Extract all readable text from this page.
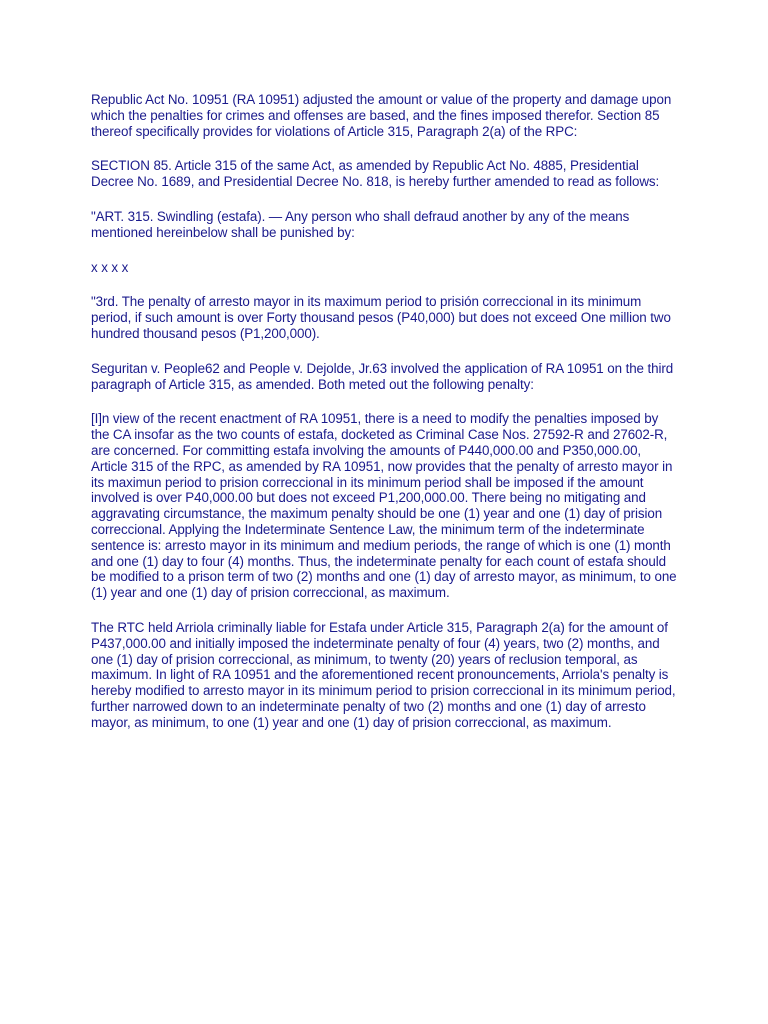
Republic Act No. 10951 (RA 10951) adjusted the amount or value of the property and damage upon
which the penalties for crimes and offenses are based, and the fines imposed therefor. Section 85
thereof specifically provides for violations of Article 315, Paragraph 2(a) of the RPC:

SECTION 85. Article 315 of the same Act, as amended by Republic Act No. 4885, Presidential
Decree No. 1689, and Presidential Decree No. 818, is hereby further amended to read as follows:

"ART. 315. Swindling (estafa). — Any person who shall defraud another by any of the means
mentioned hereinbelow shall be punished by:

x x x x

"3rd. The penalty of arresto mayor in its maximum period to prisión correccional in its minimum
period, if such amount is over Forty thousand pesos (P40,000) but does not exceed One million two
hundred thousand pesos (P1,200,000).

Seguritan v. People62 and People v. Dejolde, Jr.63 involved the application of RA 10951 on the third
paragraph of Article 315, as amended. Both meted out the following penalty:

[I]n view of the recent enactment of RA 10951, there is a need to modify the penalties imposed by
the CA insofar as the two counts of estafa, docketed as Criminal Case Nos. 27592-R and 27602-R,
are concerned. For committing estafa involving the amounts of P440,000.00 and P350,000.00,
Article 315 of the RPC, as amended by RA 10951, now provides that the penalty of arresto mayor in
its maximun period to prision correccional in its minimum period shall be imposed if the amount
involved is over P40,000.00 but does not exceed P1,200,000.00. There being no mitigating and
aggravating circumstance, the maximum penalty should be one (1) year and one (1) day of prision
correccional. Applying the Indeterminate Sentence Law, the minimum term of the indeterminate
sentence is: arresto mayor in its minimum and medium periods, the range of which is one (1) month
and one (1) day to four (4) months. Thus, the indeterminate penalty for each count of estafa should
be modified to a prison term of two (2) months and one (1) day of arresto mayor, as minimum, to one
(1) year and one (1) day of prision correccional, as maximum.

The RTC held Arriola criminally liable for Estafa under Article 315, Paragraph 2(a) for the amount of
P437,000.00 and initially imposed the indeterminate penalty of four (4) years, two (2) months, and
one (1) day of prision correccional, as minimum, to twenty (20) years of reclusion temporal, as
maximum. In light of RA 10951 and the aforementioned recent pronouncements, Arriola's penalty is
hereby modified to arresto mayor in its minimum period to prision correccional in its minimum period,
further narrowed down to an indeterminate penalty of two (2) months and one (1) day of arresto
mayor, as minimum, to one (1) year and one (1) day of prision correccional, as maximum.
